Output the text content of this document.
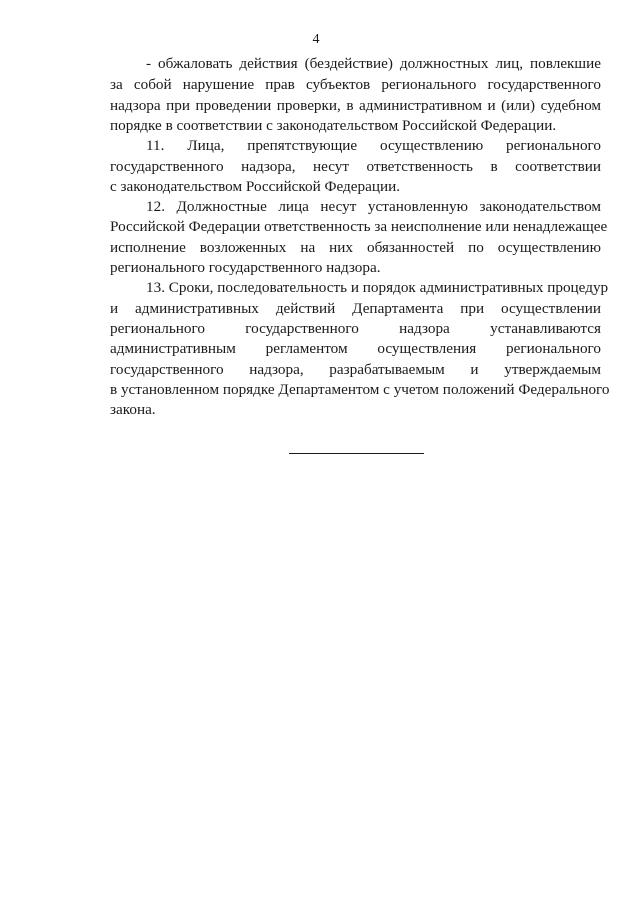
4
- обжаловать действия (бездействие) должностных лиц, повлекшие
за собой нарушение прав субъектов регионального государственного
надзора при проведении проверки, в административном и (или) судебном
порядке в соответствии с законодательством Российской Федерации.
11. Лица, препятствующие осуществлению регионального
государственного надзора, несут ответственность в соответствии
с законодательством Российской Федерации.
12. Должностные лица несут установленную законодательством
Российской Федерации ответственность за неисполнение или ненадлежащее
исполнение возложенных на них обязанностей по осуществлению
регионального государственного надзора.
13. Сроки, последовательность и порядок административных процедур
и административных действий Департамента при осуществлении
регионального государственного надзора устанавливаются
административным регламентом осуществления регионального
государственного надзора, разрабатываемым и утверждаемым
в установленном порядке Департаментом с учетом положений Федерального
закона.
